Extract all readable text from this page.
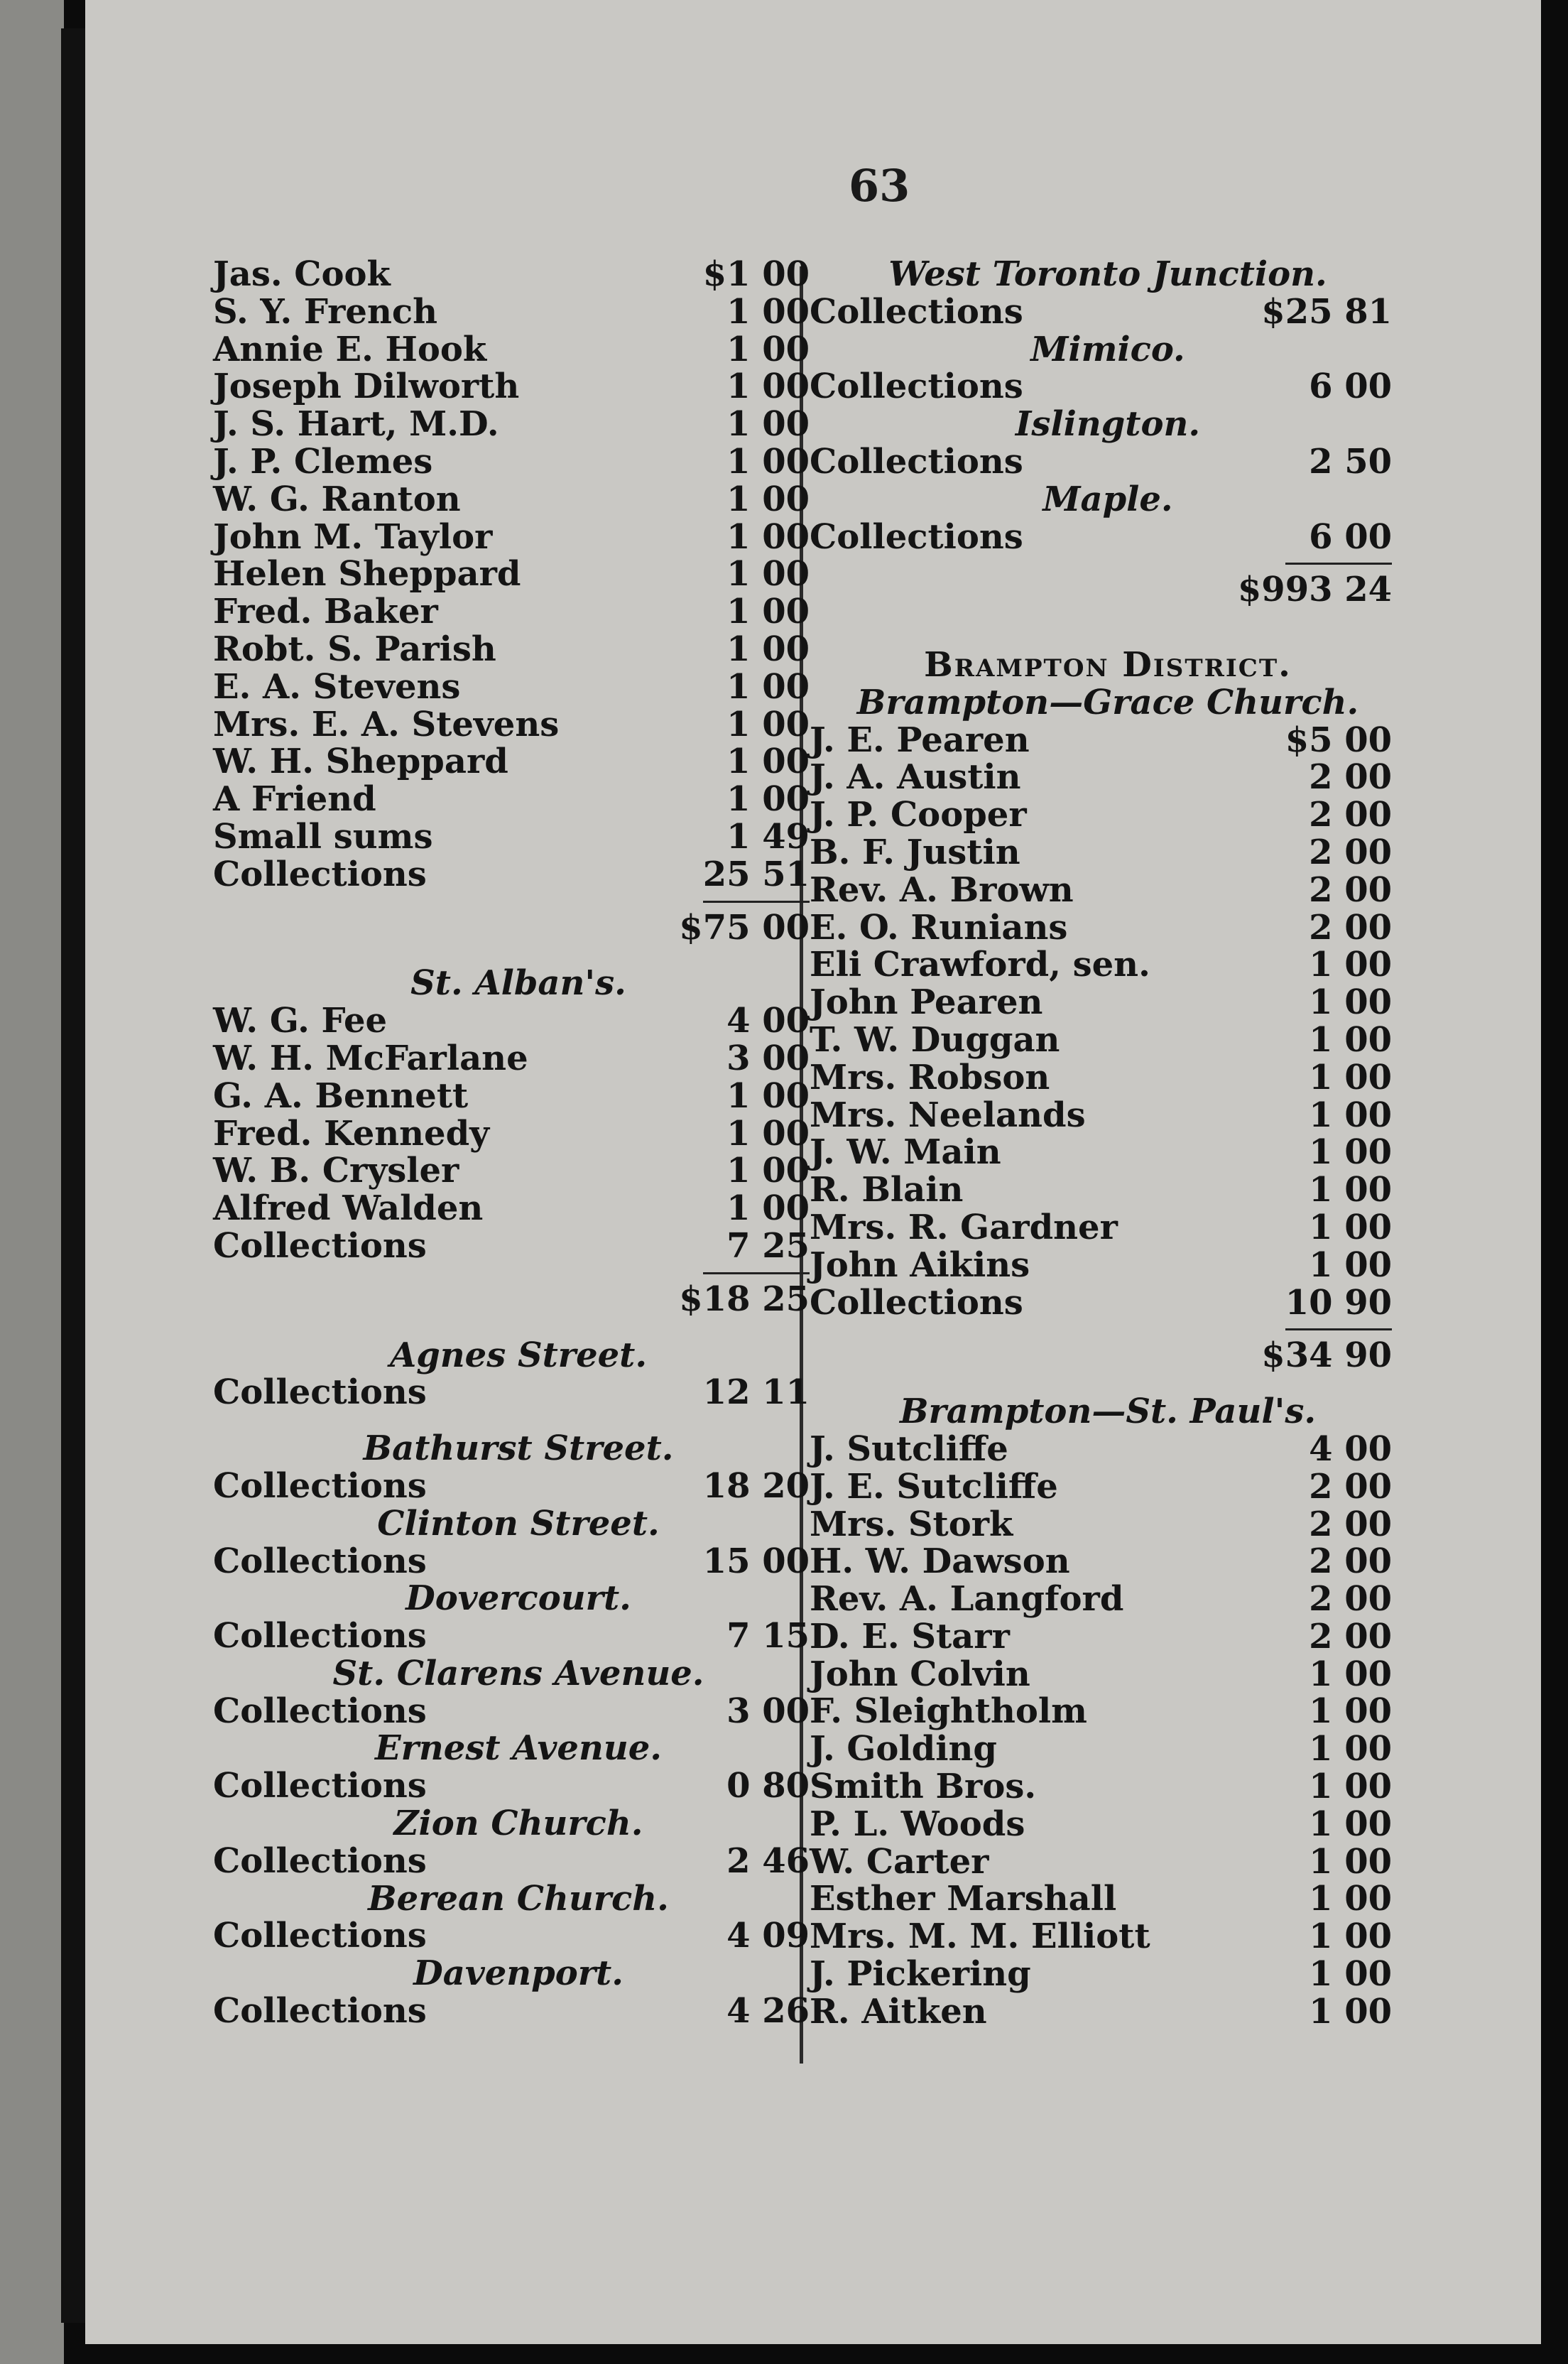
63
Jas. Cook	$1 00
S. Y. French	1 00
Annie E. Hook	1 00
Joseph Dilworth	1 00
J. S. Hart, M.D.	1 00
J. P. Clemes	1 00
W. G. Ranton	1 00
John M. Taylor	1 00
Helen Sheppard	1 00
Fred. Baker	1 00
Robt. S. Parish	1 00
E. A. Stevens	1 00
Mrs. E. A. Stevens	1 00
W. H. Sheppard	1 00
A Friend	1 00
Small sums	1 49
Collections	25 51
$75 00
St. Alban's.
W. G. Fee	4 00
W. H. McFarlane	3 00
G. A. Bennett	1 00
Fred. Kennedy	1 00
W. B. Crysler	1 00
Alfred Walden	1 00
Collections	7 25
$18 25
Agnes Street.
Collections	12 11
Bathurst Street.
Collections	18 20
Clinton Street.
Collections	15 00
Dovercourt.
Collections	7 15
St. Clarens Avenue.
Collections	3 00
Ernest Avenue.
Collections	0 80
Zion Church.
Collections	2 46
Berean Church.
Collections	4 09
Davenport.
Collections	4 26
West Toronto Junction.
Collections	$25 81
Mimico.
Collections	6 00
Islington.
Collections	2 50
Maple.
Collections	6 00
$993 24
Brampton District.
Brampton—Grace Church.
J. E. Pearen	$5 00
J. A. Austin	2 00
J. P. Cooper	2 00
B. F. Justin	2 00
Rev. A. Brown	2 00
E. O. Runians	2 00
Eli Crawford, sen.	1 00
John Pearen	1 00
T. W. Duggan	1 00
Mrs. Robson	1 00
Mrs. Neelands	1 00
J. W. Main	1 00
R. Blain	1 00
Mrs. R. Gardner	1 00
John Aikins	1 00
Collections	10 90
$34 90
Brampton—St. Paul's.
J. Sutcliffe	4 00
J. E. Sutcliffe	2 00
Mrs. Stork	2 00
H. W. Dawson	2 00
Rev. A. Langford	2 00
D. E. Starr	2 00
John Colvin	1 00
F. Sleightholm	1 00
J. Golding	1 00
Smith Bros.	1 00
P. L. Woods	1 00
W. Carter	1 00
Esther Marshall	1 00
Mrs. M. M. Elliott	1 00
J. Pickering	1 00
R. Aitken	1 00
